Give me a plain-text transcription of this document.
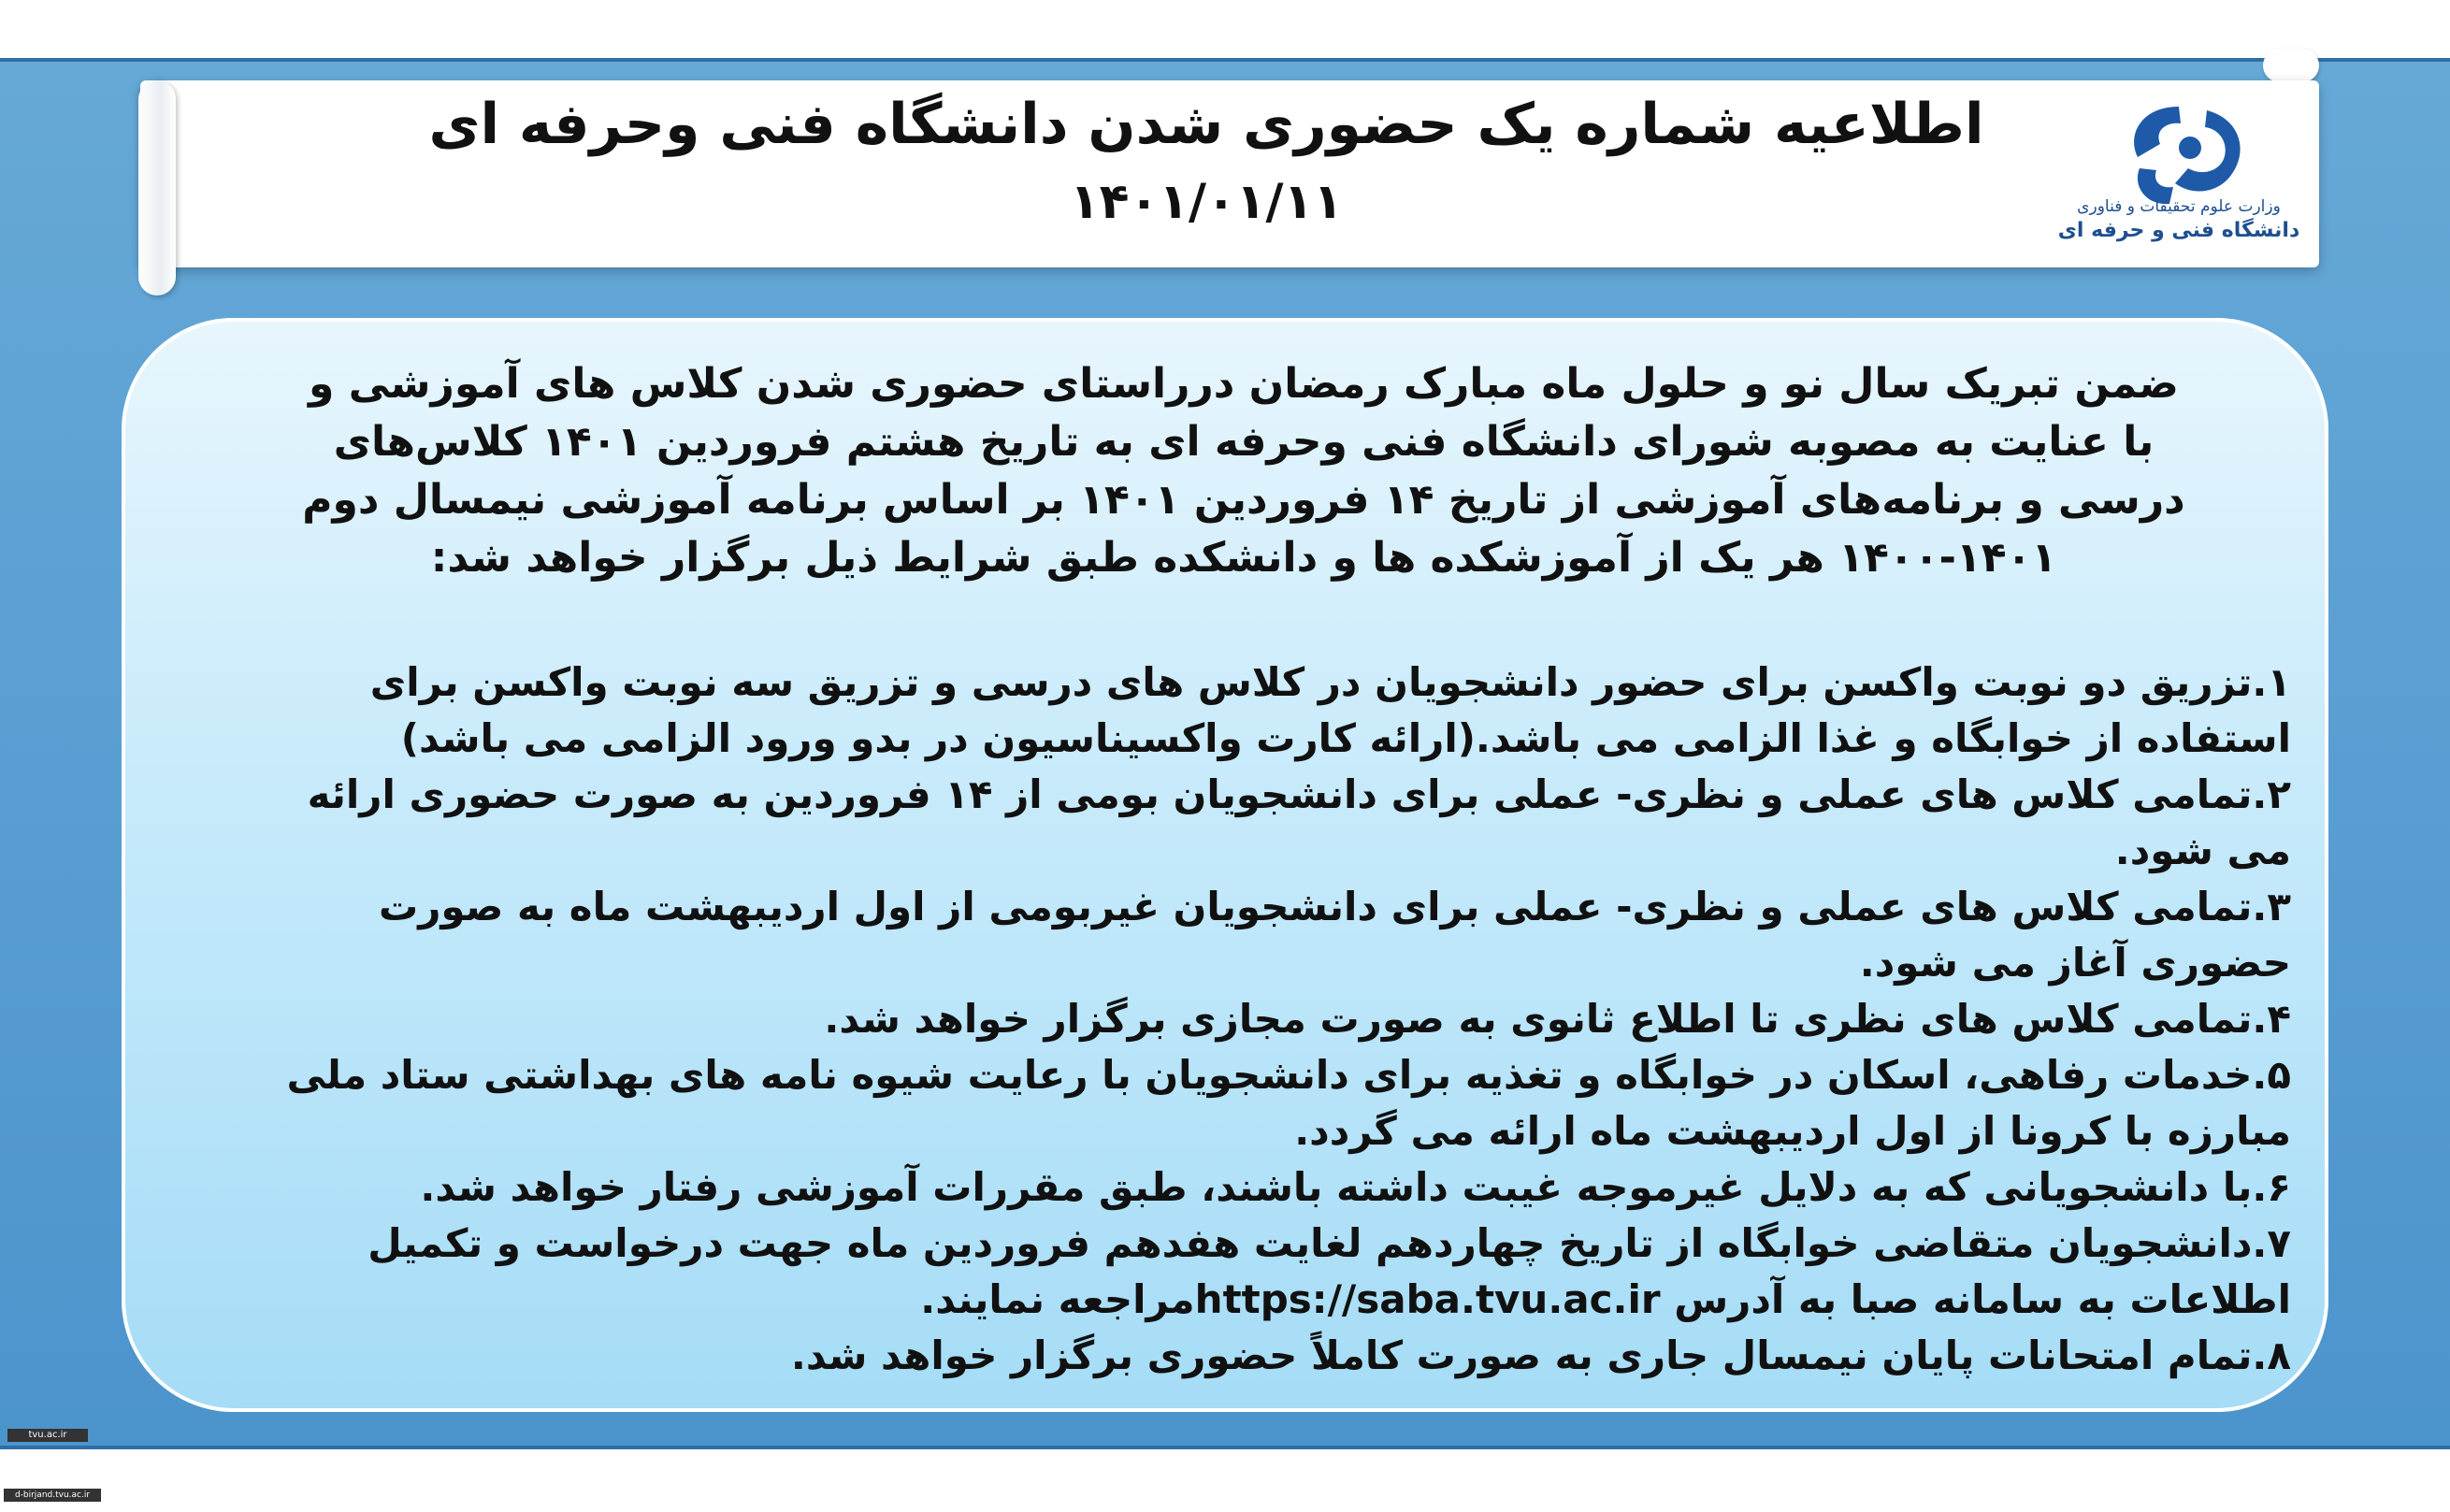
اطلاعیه شماره یک حضوری شدن دانشگاه فنی وحرفه ای
۱۴۰۱/۰۱/۱۱	وزارت علوم تحقیقات و فناوری
دانشگاه فنی و حرفه ای
ضمن تبریک سال نو و حلول ماه مبارک رمضان درراستای حضوری شدن کلاس های آموزشی و
با عنایت به مصوبه شورای دانشگاه فنی وحرفه ای به تاریخ هشتم فروردین ۱۴۰۱ کلاس‌های
درسی و برنامه‌های آموزشی از تاریخ ۱۴ فروردین ۱۴۰۱ بر اساس برنامه آموزشی نیمسال دوم
۱۴۰۰-۱۴۰۱ هر یک از آموزشکده ها و دانشکده طبق شرایط ذیل برگزار خواهد شد:
۱.تزریق دو نوبت واکسن برای حضور دانشجویان در کلاس های درسی و تزریق سه نوبت واکسن برای
استفاده از خوابگاه و غذا الزامی می باشد.(ارائه کارت واکسیناسیون در بدو ورود الزامی می باشد)
۲.تمامی کلاس های عملی و نظری- عملی برای دانشجویان بومی از ۱۴ فروردین به صورت حضوری ارائه
می شود.
۳.تمامی کلاس های عملی و نظری- عملی برای دانشجویان غیربومی از اول اردیبهشت ماه به صورت
حضوری آغاز می شود.
۴.تمامی کلاس های نظری تا اطلاع ثانوی به صورت مجازی برگزار خواهد شد.
۵.خدمات رفاهی، اسکان در خوابگاه و تغذیه برای دانشجویان با رعایت شیوه نامه های بهداشتی ستاد ملی
مبارزه با کرونا از اول اردیبهشت ماه ارائه می گردد.
۶.با دانشجویانی که به دلایل غیرموجه غیبت داشته باشند، طبق مقررات آموزشی رفتار خواهد شد.
۷.دانشجویان متقاضی خوابگاه از تاریخ چهاردهم لغایت هفدهم فروردین ماه جهت درخواست و تکمیل
اطلاعات به سامانه صبا به آدرس https://saba.tvu.ac.irمراجعه نمایند.
۸.تمام امتحانات پایان نیمسال جاری به صورت کاملاً حضوری برگزار خواهد شد.
tvu.ac.ir
d-birjand.tvu.ac.ir
